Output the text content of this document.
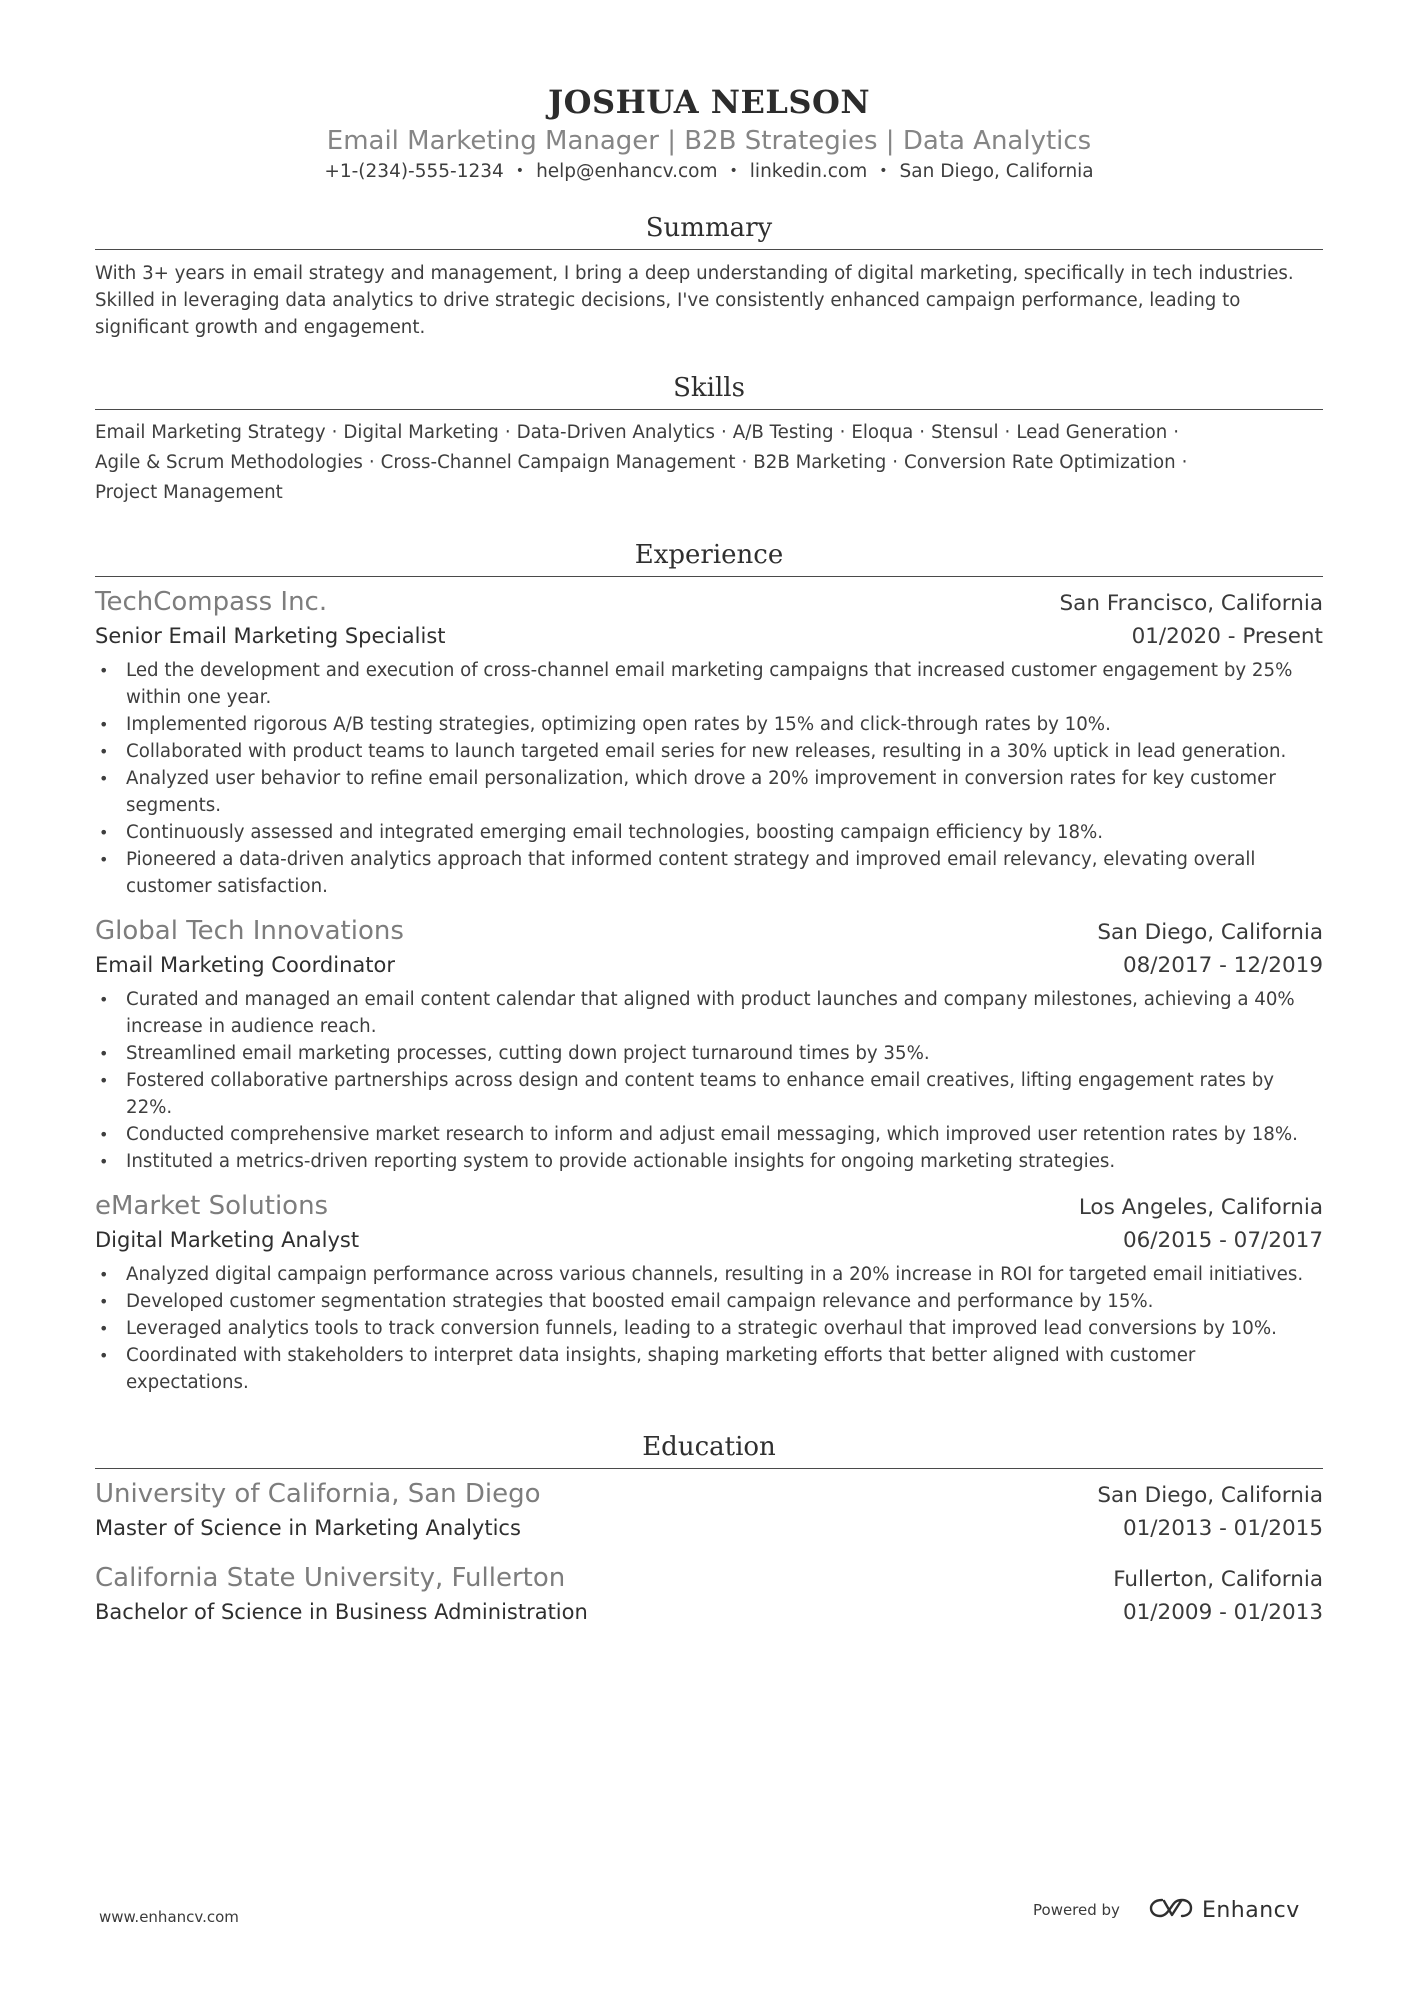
JOSHUA NELSON
Email Marketing Manager | B2B Strategies | Data Analytics
+1-(234)-555-1234 • help@enhancv.com • linkedin.com • San Diego, California
Summary
With 3+ years in email strategy and management, I bring a deep understanding of digital marketing, specifically in tech industries. Skilled in leveraging data analytics to drive strategic decisions, I've consistently enhanced campaign performance, leading to significant growth and engagement.
Skills
Email Marketing Strategy · Digital Marketing · Data-Driven Analytics · A/B Testing · Eloqua · Stensul · Lead Generation ·
Agile & Scrum Methodologies · Cross-Channel Campaign Management · B2B Marketing · Conversion Rate Optimization ·
Project Management
Experience
TechCompass Inc.	San Francisco, California
Senior Email Marketing Specialist	01/2020 - Present
• Led the development and execution of cross-channel email marketing campaigns that increased customer engagement by 25% within one year.
• Implemented rigorous A/B testing strategies, optimizing open rates by 15% and click-through rates by 10%.
• Collaborated with product teams to launch targeted email series for new releases, resulting in a 30% uptick in lead generation.
• Analyzed user behavior to refine email personalization, which drove a 20% improvement in conversion rates for key customer segments.
• Continuously assessed and integrated emerging email technologies, boosting campaign efficiency by 18%.
• Pioneered a data-driven analytics approach that informed content strategy and improved email relevancy, elevating overall customer satisfaction.
Global Tech Innovations	San Diego, California
Email Marketing Coordinator	08/2017 - 12/2019
• Curated and managed an email content calendar that aligned with product launches and company milestones, achieving a 40% increase in audience reach.
• Streamlined email marketing processes, cutting down project turnaround times by 35%.
• Fostered collaborative partnerships across design and content teams to enhance email creatives, lifting engagement rates by 22%.
• Conducted comprehensive market research to inform and adjust email messaging, which improved user retention rates by 18%.
• Instituted a metrics-driven reporting system to provide actionable insights for ongoing marketing strategies.
eMarket Solutions	Los Angeles, California
Digital Marketing Analyst	06/2015 - 07/2017
• Analyzed digital campaign performance across various channels, resulting in a 20% increase in ROI for targeted email initiatives.
• Developed customer segmentation strategies that boosted email campaign relevance and performance by 15%.
• Leveraged analytics tools to track conversion funnels, leading to a strategic overhaul that improved lead conversions by 10%.
• Coordinated with stakeholders to interpret data insights, shaping marketing efforts that better aligned with customer expectations.
Education
University of California, San Diego	San Diego, California
Master of Science in Marketing Analytics	01/2013 - 01/2015
California State University, Fullerton	Fullerton, California
Bachelor of Science in Business Administration	01/2009 - 01/2013
www.enhancv.com	Powered by	Enhancv
